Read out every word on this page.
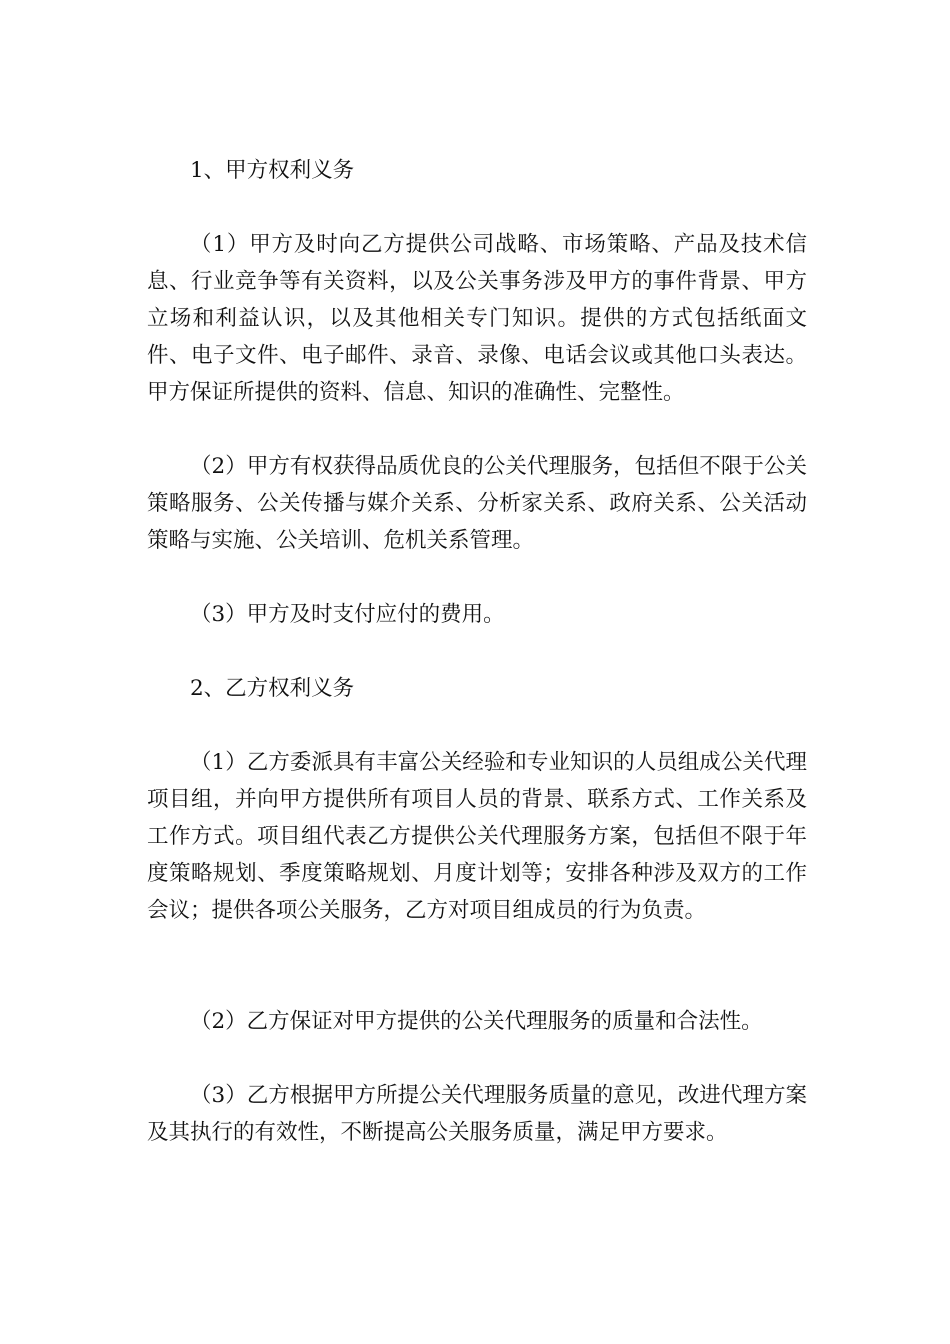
1、甲方权利义务

（1）甲方及时向乙方提供公司战略、市场策略、产品及技术信息、行业竞争等有关资料，以及公关事务涉及甲方的事件背景、甲方立场和利益认识，以及其他相关专门知识。提供的方式包括纸面文件、电子文件、电子邮件、录音、录像、电话会议或其他口头表达。甲方保证所提供的资料、信息、知识的准确性、完整性。

（2）甲方有权获得品质优良的公关代理服务，包括但不限于公关策略服务、公关传播与媒介关系、分析家关系、政府关系、公关活动策略与实施、公关培训、危机关系管理。

（3）甲方及时支付应付的费用。

2、乙方权利义务

（1）乙方委派具有丰富公关经验和专业知识的人员组成公关代理项目组，并向甲方提供所有项目人员的背景、联系方式、工作关系及工作方式。项目组代表乙方提供公关代理服务方案，包括但不限于年度策略规划、季度策略规划、月度计划等；安排各种涉及双方的工作会议；提供各项公关服务，乙方对项目组成员的行为负责。

（2）乙方保证对甲方提供的公关代理服务的质量和合法性。

（3）乙方根据甲方所提公关代理服务质量的意见，改进代理方案及其执行的有效性，不断提高公关服务质量，满足甲方要求。
